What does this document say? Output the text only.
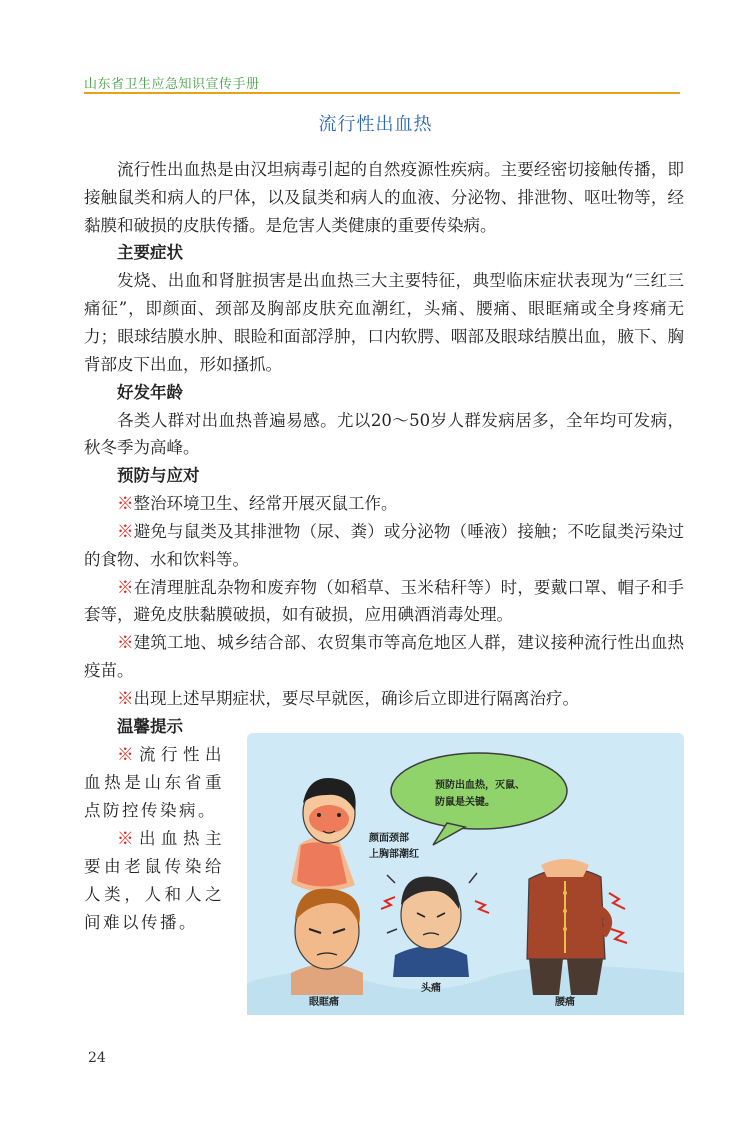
山东省卫生应急知识宣传手册
流行性出血热

流行性出血热是由汉坦病毒引起的自然疫源性疾病。主要经密切接触传播，即接触鼠类和病人的尸体，以及鼠类和病人的血液、分泌物、排泄物、呕吐物等，经黏膜和破损的皮肤传播。是危害人类健康的重要传染病。

主要症状

发烧、出血和肾脏损害是出血热三大主要特征，典型临床症状表现为“三红三痛征”，即颜面、颈部及胸部皮肤充血潮红，头痛、腰痛、眼眶痛或全身疼痛无力；眼球结膜水肿、眼睑和面部浮肿，口内软腭、咽部及眼球结膜出血，腋下、胸背部皮下出血，形如搔抓。

好发年龄

各类人群对出血热普遍易感。尤以20～50岁人群发病居多，全年均可发病，秋冬季为高峰。

预防与应对

※整治环境卫生、经常开展灭鼠工作。

※避免与鼠类及其排泄物（尿、粪）或分泌物（唾液）接触；不吃鼠类污染过的食物、水和饮料等。

※在清理脏乱杂物和废弃物（如稻草、玉米秸秆等）时，要戴口罩、帽子和手套等，避免皮肤黏膜破损，如有破损，应用碘酒消毒处理。

※建筑工地、城乡结合部、农贸集市等高危地区人群，建议接种流行性出血热疫苗。

※出现上述早期症状，要尽早就医，确诊后立即进行隔离治疗。

温馨提示

※流行性出血热是山东省重点防控传染病。

※出血热主要由老鼠传染给人类，人和人之间难以传播。

预防出血热，灭鼠、
防鼠是关键。
颜面颈部
上胸部潮红
眼眶痛
头痛
腰痛
24
